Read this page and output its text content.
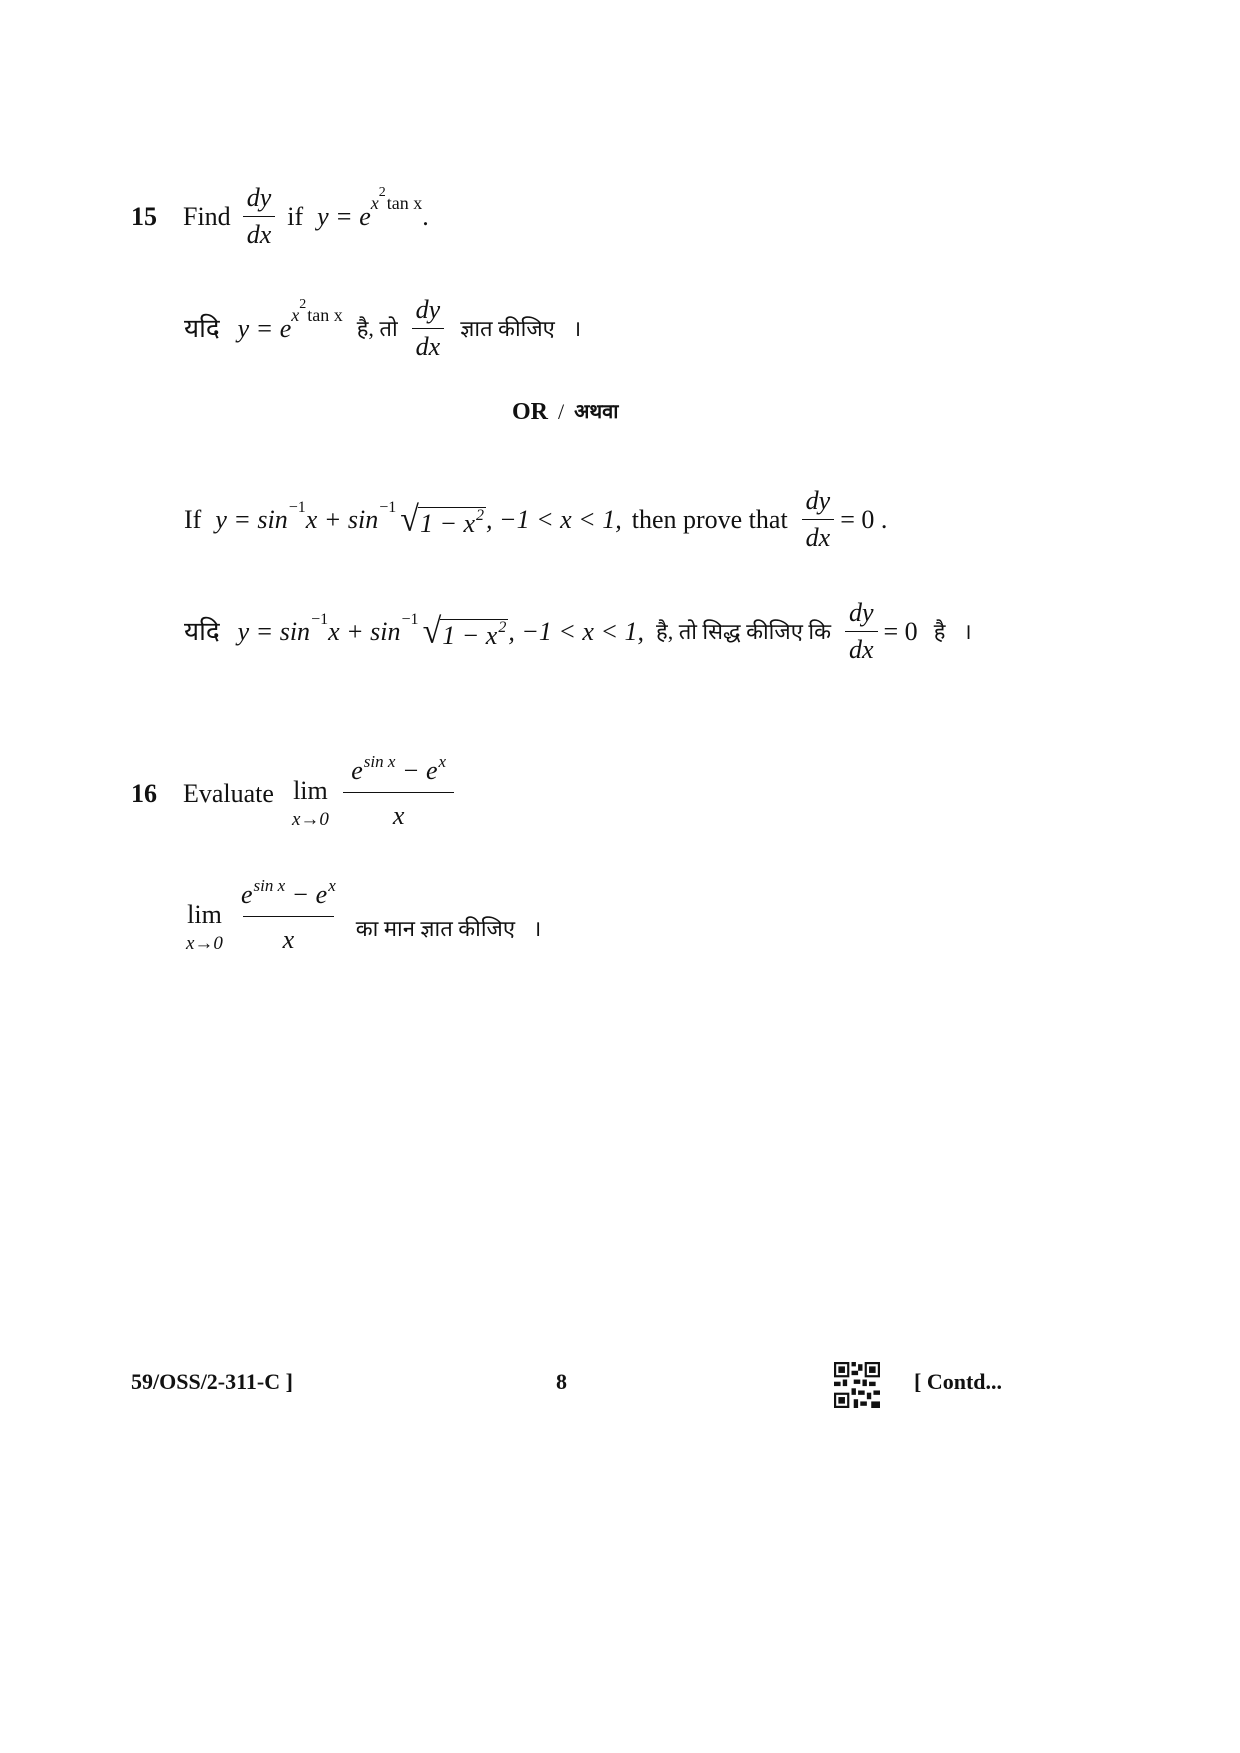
15 Find $\frac{dy}{dx}$ if y = e x
2
tan x .
यदि y = e x
2
tan x
है, तो $\frac{dy}{dx}$ ज्ञात कीजिए ।
OR / अथवा
If y = sin −1 x + sin −1 √ $1 - x^2$ , −1 < x < 1, then prove that $\frac{dy}{dx} = 0$ .
यदि y = sin −1 x + sin −1 √ $1 - x^2$ , −1 < x < 1, है, तो सिद्ध कीजिए कि $\frac{dy}{dx} = 0$ है ।
16 Evaluate lim
$x\to 0 \frac{e^{sin x} - e^x}{x}$
lim
$x\to 0 \frac{e^{sin x} - e^x}{x}$ का मान ज्ञात कीजिए ।
59/OSS/2-311-C ]	8	[ Contd...
